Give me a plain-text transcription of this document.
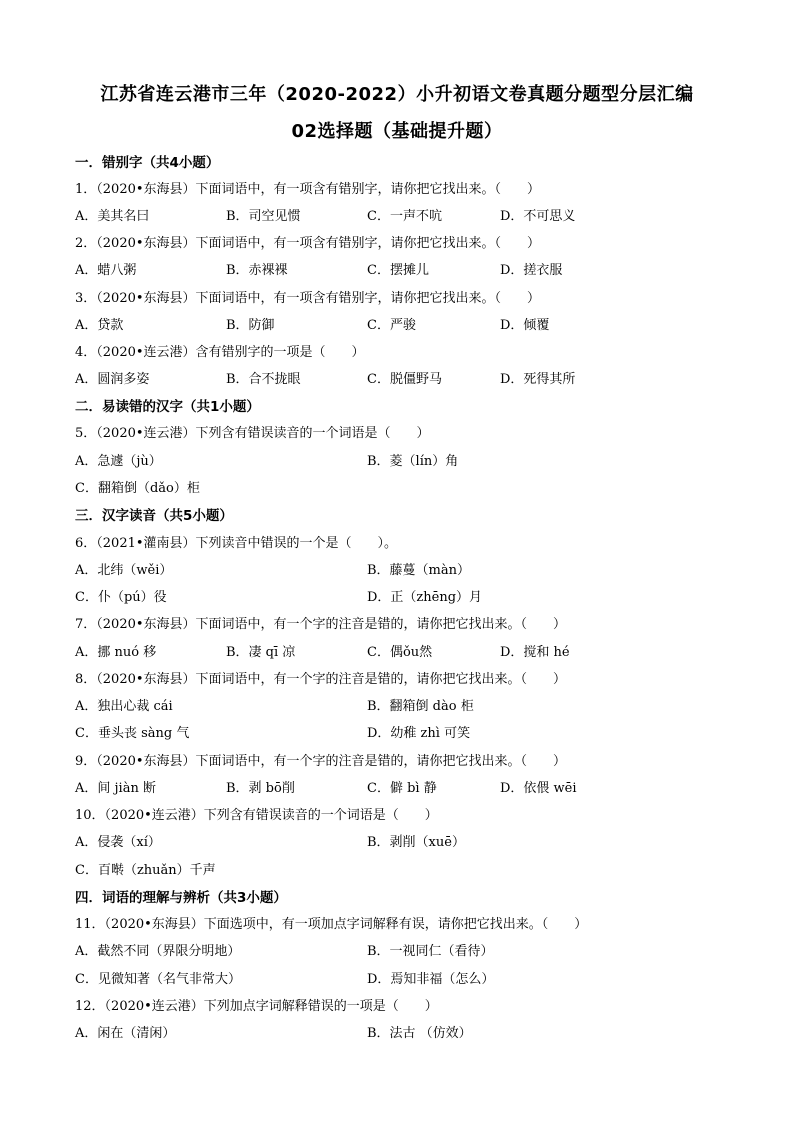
江苏省连云港市三年（2020-2022）小升初语文卷真题分题型分层汇编
02选择题（基础提升题）
一．错别字（共4小题）
1．（2020•东海县）下面词语中，有一项含有错别字，请你把它找出来。（　　）
A．美其名曰	B．司空见惯	C．一声不吭	D．不可思义
2．（2020•东海县）下面词语中，有一项含有错别字，请你把它找出来。（　　）
A．蜡八粥	B．赤裸裸	C．摆摊儿	D．搓衣服
3．（2020•东海县）下面词语中，有一项含有错别字，请你把它找出来。（　　）
A．贷款	B．防御	C．严骏	D．倾覆
4．（2020•连云港）含有错别字的一项是（　　）
A．圆润多姿	B．合不拢眼	C．脱僵野马	D．死得其所
二．易读错的汉字（共1小题）
5．（2020•连云港）下列含有错误读音的一个词语是（　　）
A．急遽（jù）	B．菱（lín）角
C．翻箱倒（dǎo）柜
三．汉字读音（共5小题）
6．（2021•灌南县）下列读音中错误的一个是（　　）。
A．北纬（wěi）	B．藤蔓（màn）
C．仆（pú）役	D．正（zhēng）月
7．（2020•东海县）下面词语中，有一个字的注音是错的，请你把它找出来。（　　）
A．挪 nuó 移	B．凄 qī 凉	C．偶ǒu然	D．搅和 hé
8．（2020•东海县）下面词语中，有一个字的注音是错的，请你把它找出来。（　　）
A．独出心裁 cái	B．翻箱倒 dào 柜
C．垂头丧 sàng 气	D．幼稚 zhì 可笑
9．（2020•东海县）下面词语中，有一个字的注音是错的，请你把它找出来。（　　）
A．间 jiàn 断	B．剥 bō削	C．僻 bì 静	D．依偎 wēi
10．（2020•连云港）下列含有错误读音的一个词语是（　　）
A．侵袭（xí）	B．剥削（xuē）
C．百啭（zhuǎn）千声
四．词语的理解与辨析（共3小题）
11．（2020•东海县）下面选项中，有一项加点字词解释有误，请你把它找出来。（　　）
A．截然不同（界限分明地）	B．一视同仁（看待）
C．见微知著（名气非常大）	D．焉知非福（怎么）
12．（2020•连云港）下列加点字词解释错误的一项是（　　）
A．闲在（清闲）	B．法古 （仿效）
